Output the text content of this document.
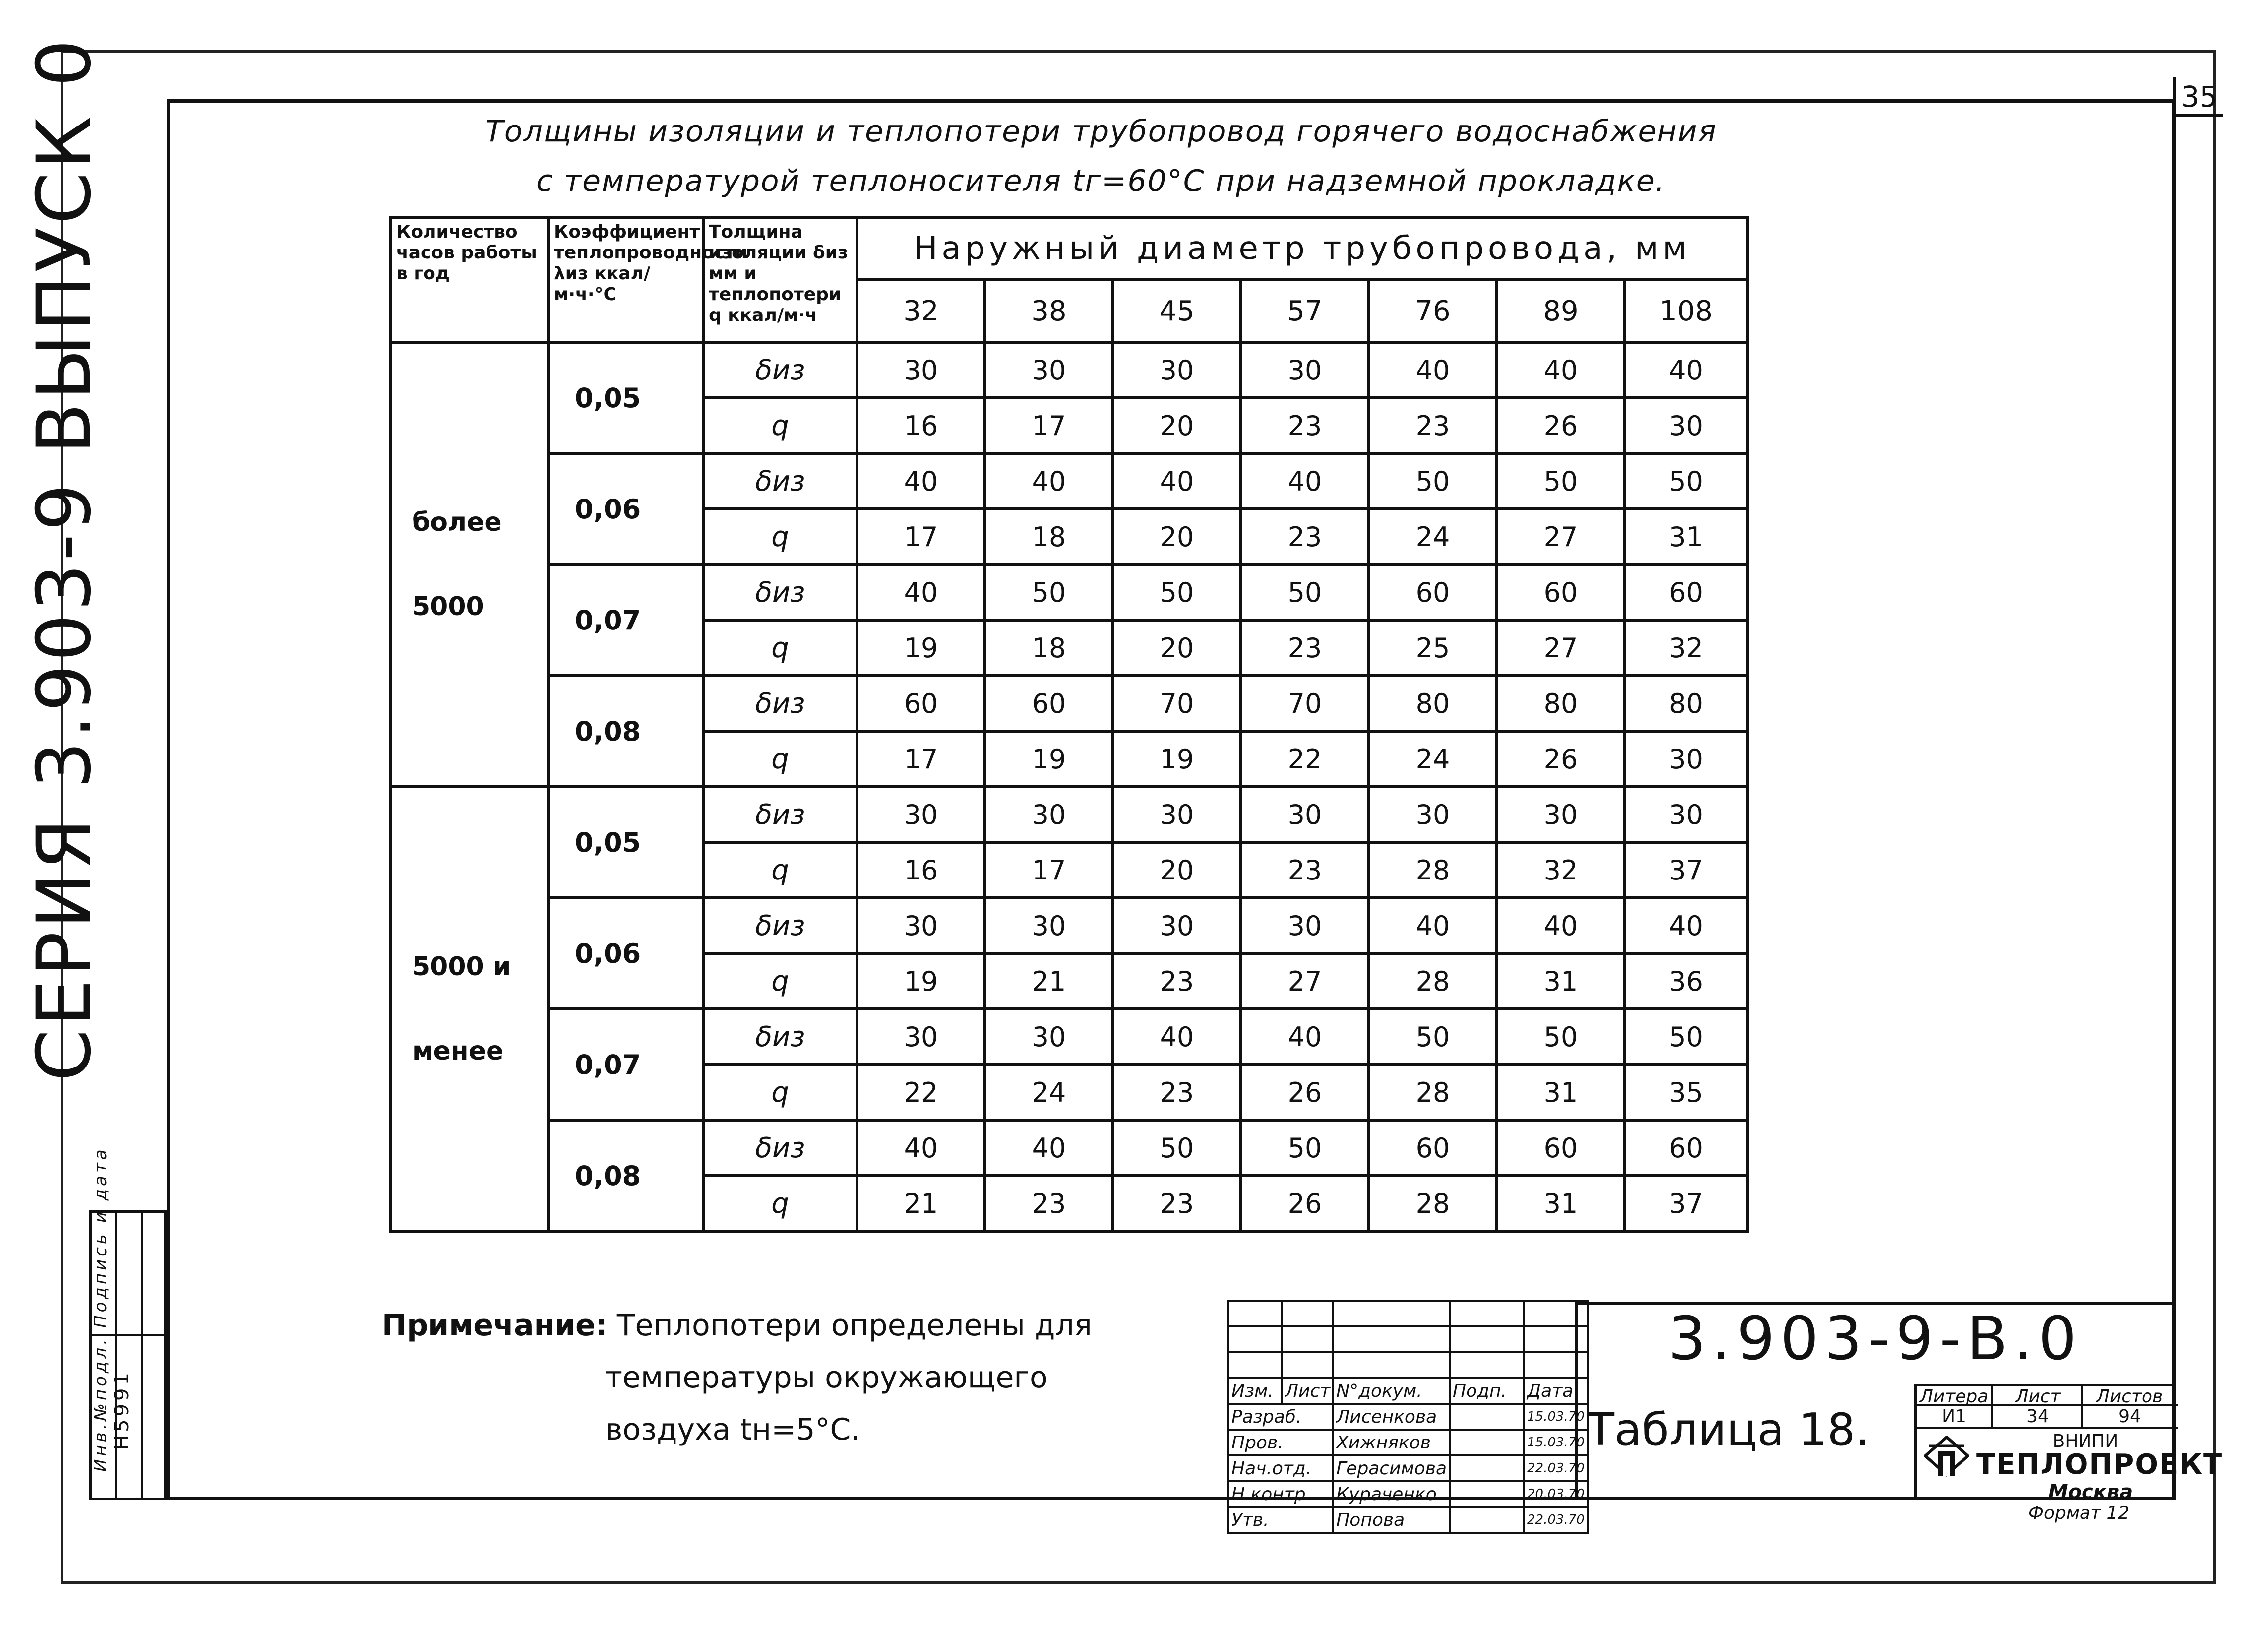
35
СЕРИЯ 3.903-9 ВЫПУСК 0
Инв.№подл.
Подпись и дата
Н5991
Толщины изоляции и теплопотери трубопровод горячего водоснабжения
с температурой теплоносителя tг=60°C при надземной прокладке.
Количество часов работы в год	Коэффициент теплопроводности λиз ккал/м·ч·°С	Толщина изоляции δиз мм и теплопотери q ккал/м·ч	Наружный диаметр трубопровода, мм						
			32	38	45	57	76	89	108
более 5000	0,05	δиз	30	30	30	30	40	40	40
		q	16	17	20	23	23	26	30
	0,06	δиз	40	40	40	40	50	50	50
		q	17	18	20	23	24	27	31
	0,07	δиз	40	50	50	50	60	60	60
		q	19	18	20	23	25	27	32
	0,08	δиз	60	60	70	70	80	80	80
		q	17	19	19	22	24	26	30
5000 и менее	0,05	δиз	30	30	30	30	30	30	30
		q	16	17	20	23	28	32	37
	0,06	δиз	30	30	30	30	40	40	40
		q	19	21	23	27	28	31	36
	0,07	δиз	30	30	40	40	50	50	50
		q	22	24	23	26	28	31	35
	0,08	δиз	40	40	50	50	60	60	60
		q	21	23	23	26	28	31	37
Примечание: Теплопотери определены для
температуры окружающего
воздуха tн=5°С.

Изм.	Лист	N°докум.	Подп.	Дата
Разраб.		Лисенкова		15.03.70
Пров.		Хижняков		15.03.70
Нач.отд.		Герасимова		22.03.70
Н.контр.		Кураченко		20.03.70
Утв.		Попова		22.03.70
3.903-9-В.0
Таблица 18.
Литера	Лист	Листов
И1	34	94
ВНИПИ
ТЕПЛОПРОЕКТ
Москва
Формат 12
